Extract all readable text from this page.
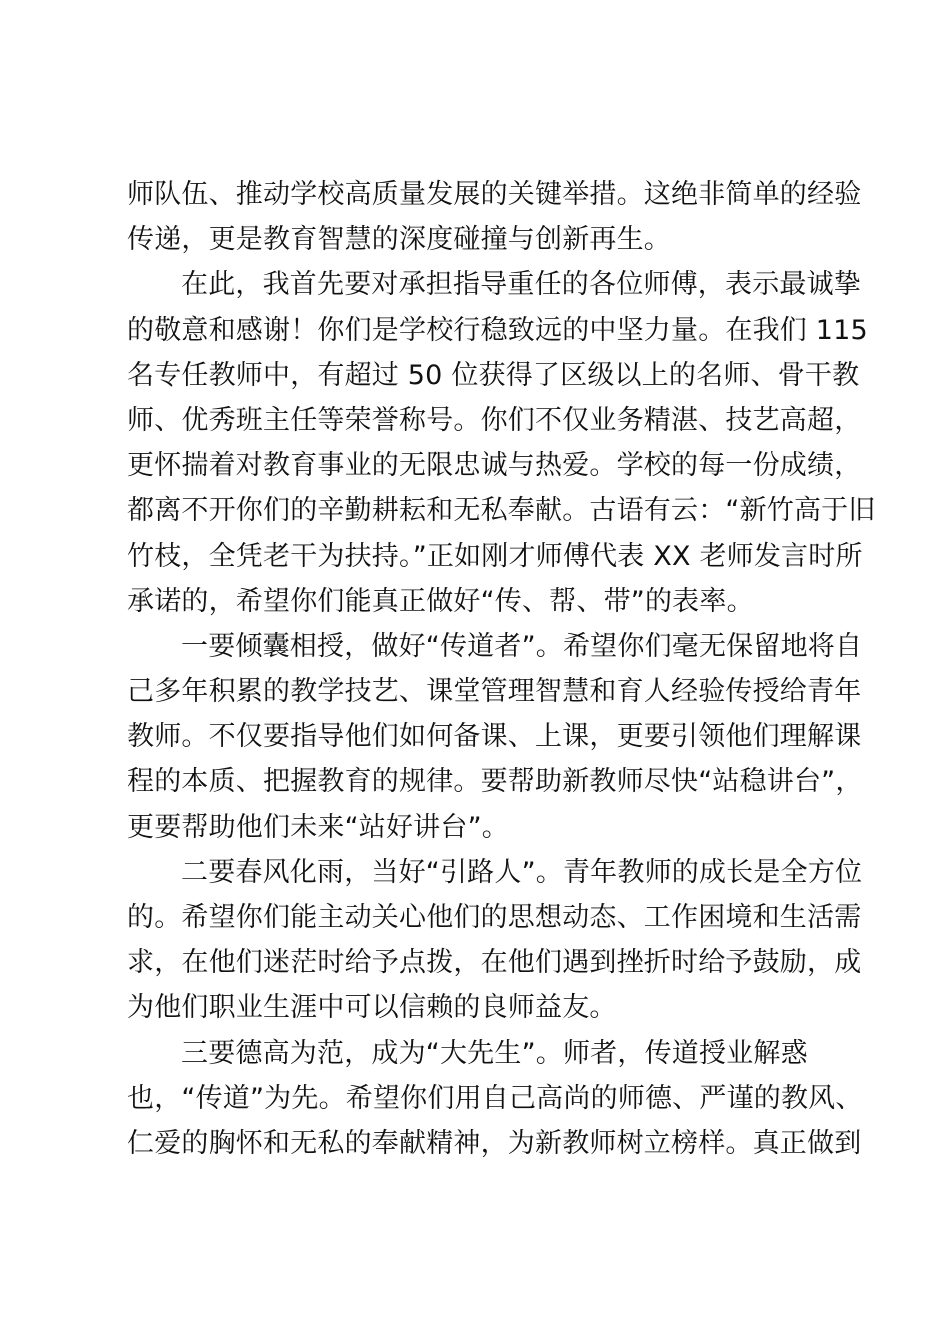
师队伍、推动学校高质量发展的关键举措。这绝非简单的经验
传递，更是教育智慧的深度碰撞与创新再生。
在此，我首先要对承担指导重任的各位师傅，表示最诚挚
的敬意和感谢！你们是学校行稳致远的中坚力量。在我们 115
名专任教师中，有超过 50 位获得了区级以上的名师、骨干教
师、优秀班主任等荣誉称号。你们不仅业务精湛、技艺高超，
更怀揣着对教育事业的无限忠诚与热爱。学校的每一份成绩，
都离不开你们的辛勤耕耘和无私奉献。古语有云：“新竹高于旧
竹枝，全凭老干为扶持。”正如刚才师傅代表 XX 老师发言时所
承诺的，希望你们能真正做好“传、帮、带”的表率。
一要倾囊相授，做好“传道者”。希望你们毫无保留地将自
己多年积累的教学技艺、课堂管理智慧和育人经验传授给青年
教师。不仅要指导他们如何备课、上课，更要引领他们理解课
程的本质、把握教育的规律。要帮助新教师尽快“站稳讲台”，
更要帮助他们未来“站好讲台”。
二要春风化雨，当好“引路人”。青年教师的成长是全方位
的。希望你们能主动关心他们的思想动态、工作困境和生活需
求，在他们迷茫时给予点拨，在他们遇到挫折时给予鼓励，成
为他们职业生涯中可以信赖的良师益友。
三要德高为范，成为“大先生”。师者，传道授业解惑
也，“传道”为先。希望你们用自己高尚的师德、严谨的教风、
仁爱的胸怀和无私的奉献精神，为新教师树立榜样。真正做到
